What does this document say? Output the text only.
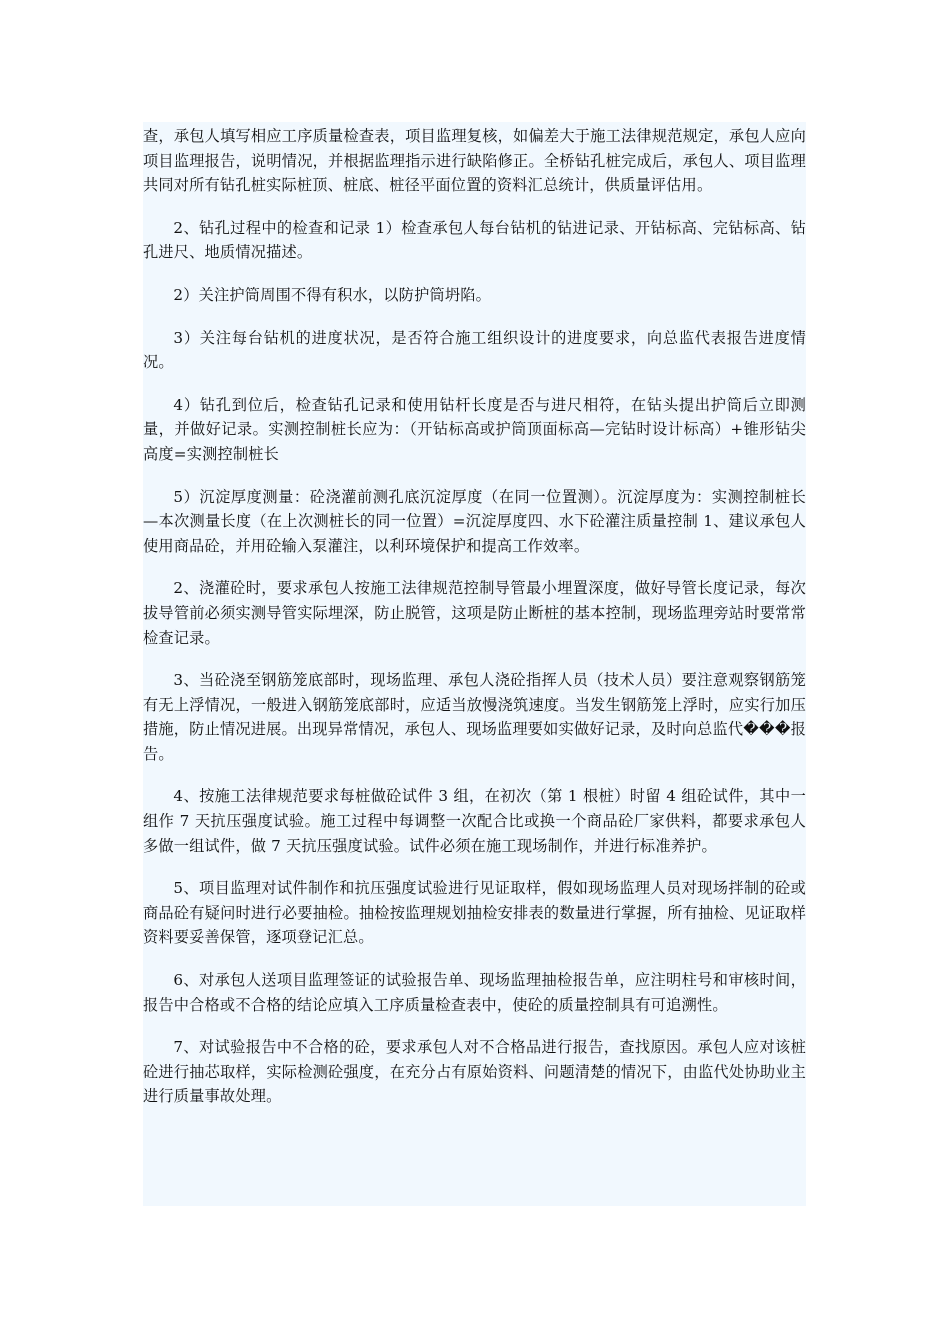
查，承包人填写相应工序质量检查表，项目监理复核，如偏差大于施工法律规范规定，承包人应向项目监理报告，说明情况，并根据监理指示进行缺陷修正。全桥钻孔桩完成后，承包人、项目监理共同对所有钻孔桩实际桩顶、桩底、桩径平面位置的资料汇总统计，供质量评估用。

2、钻孔过程中的检查和记录 1）检查承包人每台钻机的钻进记录、开钻标高、完钻标高、钻孔进尺、地质情况描述。

2）关注护筒周围不得有积水，以防护筒坍陷。

3）关注每台钻机的进度状况，是否符合施工组织设计的进度要求，向总监代表报告进度情况。

4）钻孔到位后，检查钻孔记录和使用钻杆长度是否与进尺相符，在钻头提出护筒后立即测量，并做好记录。实测控制桩长应为：（开钻标高或护筒顶面标高—完钻时设计标高）+锥形钻尖高度=实测控制桩长

5）沉淀厚度测量：砼浇灌前测孔底沉淀厚度（在同一位置测）。沉淀厚度为：实测控制桩长—本次测量长度（在上次测桩长的同一位置）=沉淀厚度四、水下砼灌注质量控制 1、建议承包人使用商品砼，并用砼输入泵灌注，以利环境保护和提高工作效率。

2、浇灌砼时，要求承包人按施工法律规范控制导管最小埋置深度，做好导管长度记录，每次拔导管前必须实测导管实际埋深，防止脱管，这项是防止断桩的基本控制，现场监理旁站时要常常检查记录。

3、当砼浇至钢筋笼底部时，现场监理、承包人浇砼指挥人员（技术人员）要注意观察钢筋笼有无上浮情况，一般进入钢筋笼底部时，应适当放慢浇筑速度。当发生钢筋笼上浮时，应实行加压措施，防止情况进展。出现异常情况，承包人、现场监理要如实做好记录，及时向总监代���报告。

4、按施工法律规范要求每桩做砼试件 3 组，在初次（第 1 根桩）时留 4 组砼试件，其中一组作 7 天抗压强度试验。施工过程中每调整一次配合比或换一个商品砼厂家供料，都要求承包人多做一组试件，做 7 天抗压强度试验。试件必须在施工现场制作，并进行标准养护。

5、项目监理对试件制作和抗压强度试验进行见证取样，假如现场监理人员对现场拌制的砼或商品砼有疑问时进行必要抽检。抽检按监理规划抽检安排表的数量进行掌握，所有抽检、见证取样资料要妥善保管，逐项登记汇总。

6、对承包人送项目监理签证的试验报告单、现场监理抽检报告单，应注明柱号和审核时间，报告中合格或不合格的结论应填入工序质量检查表中，使砼的质量控制具有可追溯性。

7、对试验报告中不合格的砼，要求承包人对不合格品进行报告，查找原因。承包人应对该桩砼进行抽芯取样，实际检测砼强度，在充分占有原始资料、问题清楚的情况下，由监代处协助业主进行质量事故处理。
